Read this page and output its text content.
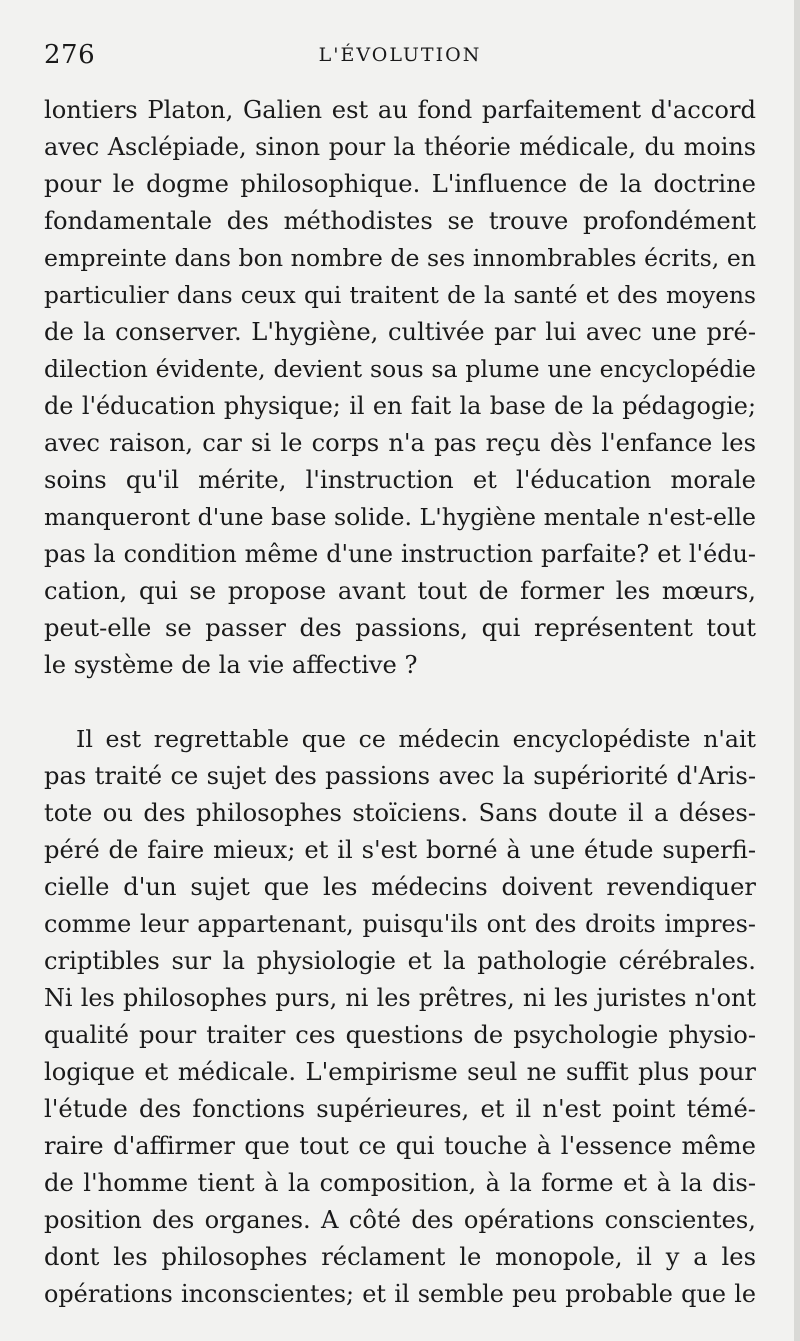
276	L'ÉVOLUTION
lontiers Platon, Galien est au fond parfaitement d'accord
avec Asclépiade, sinon pour la théorie médicale, du moins
pour le dogme philosophique. L'influence de la doctrine
fondamentale des méthodistes se trouve profondément
empreinte dans bon nombre de ses innombrables écrits, en
particulier dans ceux qui traitent de la santé et des moyens
de la conserver. L'hygiène, cultivée par lui avec une pré-
dilection évidente, devient sous sa plume une encyclopédie
de l'éducation physique; il en fait la base de la pédagogie;
avec raison, car si le corps n'a pas reçu dès l'enfance les
soins qu'il mérite, l'instruction et l'éducation morale
manqueront d'une base solide. L'hygiène mentale n'est-elle
pas la condition même d'une instruction parfaite? et l'édu-
cation, qui se propose avant tout de former les mœurs,
peut-elle se passer des passions, qui représentent tout
le système de la vie affective ?
Il est regrettable que ce médecin encyclopédiste n'ait
pas traité ce sujet des passions avec la supériorité d'Aris-
tote ou des philosophes stoïciens. Sans doute il a déses-
péré de faire mieux; et il s'est borné à une étude superfi-
cielle d'un sujet que les médecins doivent revendiquer
comme leur appartenant, puisqu'ils ont des droits impres-
criptibles sur la physiologie et la pathologie cérébrales.
Ni les philosophes purs, ni les prêtres, ni les juristes n'ont
qualité pour traiter ces questions de psychologie physio-
logique et médicale. L'empirisme seul ne suffit plus pour
l'étude des fonctions supérieures, et il n'est point témé-
raire d'affirmer que tout ce qui touche à l'essence même
de l'homme tient à la composition, à la forme et à la dis-
position des organes. A côté des opérations conscientes,
dont les philosophes réclament le monopole, il y a les
opérations inconscientes; et il semble peu probable que le
